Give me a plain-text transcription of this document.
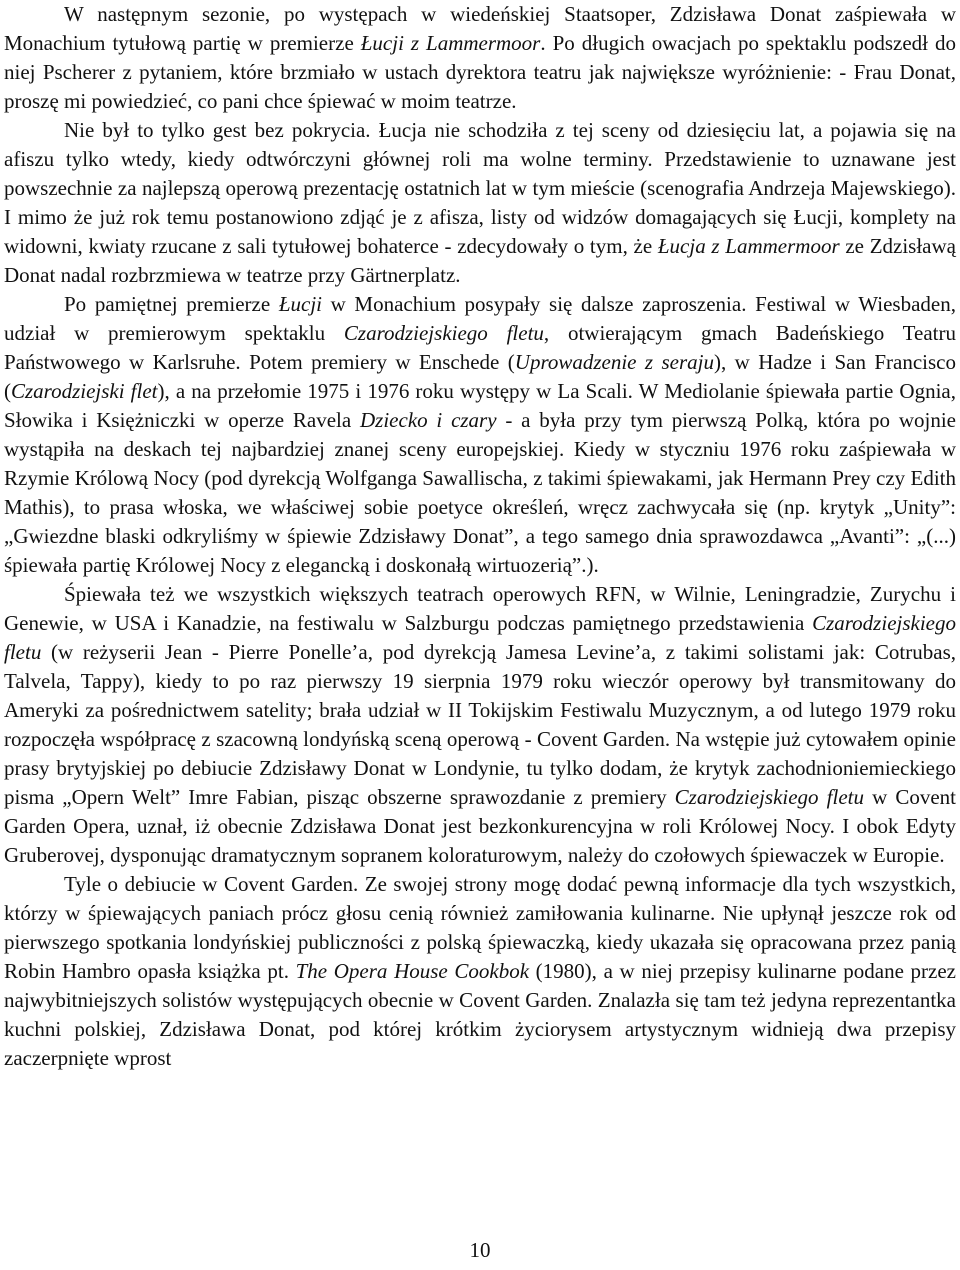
W następnym sezonie, po występach w wiedeńskiej Staatsoper, Zdzisława Donat zaśpiewała w Monachium tytułową partię w premierze Łucji z Lammermoor. Po długich owacjach po spektaklu podszedł do niej Pscherer z pytaniem, które brzmiało w ustach dyrektora teatru jak największe wyróżnienie: - Frau Donat, proszę mi powiedzieć, co pani chce śpiewać w moim teatrze.

Nie był to tylko gest bez pokrycia. Łucja nie schodziła z tej sceny od dziesięciu lat, a pojawia się na afiszu tylko wtedy, kiedy odtwórczyni głównej roli ma wolne terminy. Przedstawienie to uznawane jest powszechnie za najlepszą operową prezentację ostatnich lat w tym mieście (scenografia Andrzeja Majewskiego). I mimo że już rok temu postanowiono zdjąć je z afisza, listy od widzów domagających się Łucji, komplety na widowni, kwiaty rzucane z sali tytułowej bohaterce - zdecydowały o tym, że Łucja z Lammermoor ze Zdzisławą Donat nadal rozbrzmiewa w teatrze przy Gärtnerplatz.

Po pamiętnej premierze Łucji w Monachium posypały się dalsze zaproszenia. Festiwal w Wiesbaden, udział w premierowym spektaklu Czarodziejskiego fletu, otwierającym gmach Badeńskiego Teatru Państwowego w Karlsruhe. Potem premiery w Enschede (Uprowadzenie z seraju), w Hadze i San Francisco (Czarodziejski flet), a na przełomie 1975 i 1976 roku występy w La Scali. W Mediolanie śpiewała partie Ognia, Słowika i Księżniczki w operze Ravela Dziecko i czary - a była przy tym pierwszą Polką, która po wojnie wystąpiła na deskach tej najbardziej znanej sceny europejskiej. Kiedy w styczniu 1976 roku zaśpiewała w Rzymie Królową Nocy (pod dyrekcją Wolfganga Sawallischa, z takimi śpiewakami, jak Hermann Prey czy Edith Mathis), to prasa włoska, we właściwej sobie poetyce określeń, wręcz zachwycała się (np. krytyk „Unity”: „Gwiezdne blaski odkryliśmy w śpiewie Zdzisławy Donat”, a tego samego dnia sprawozdawca „Avanti”: „(...) śpiewała partię Królowej Nocy z elegancką i doskonałą wirtuozerią”.).

Śpiewała też we wszystkich większych teatrach operowych RFN, w Wilnie, Leningradzie, Zurychu i Genewie, w USA i Kanadzie, na festiwalu w Salzburgu podczas pamiętnego przedstawienia Czarodziejskiego fletu (w reżyserii Jean - Pierre Ponelle’a, pod dyrekcją Jamesa Levine’a, z takimi solistami jak: Cotrubas, Talvela, Tappy), kiedy to po raz pierwszy 19 sierpnia 1979 roku wieczór operowy był transmitowany do Ameryki za pośrednictwem satelity; brała udział w II Tokijskim Festiwalu Muzycznym, a od lutego 1979 roku rozpoczęła współpracę z szacowną londyńską sceną operową - Covent Garden. Na wstępie już cytowałem opinie prasy brytyjskiej po debiucie Zdzisławy Donat w Londynie, tu tylko dodam, że krytyk zachodnioniemieckiego pisma „Opern Welt” Imre Fabian, pisząc obszerne sprawozdanie z premiery Czarodziejskiego fletu w Covent Garden Opera, uznał, iż obecnie Zdzisława Donat jest bezkonkurencyjna w roli Królowej Nocy. I obok Edyty Gruberovej, dysponując dramatycznym sopranem koloraturowym, należy do czołowych śpiewaczek w Europie.

Tyle o debiucie w Covent Garden. Ze swojej strony mogę dodać pewną informacje dla tych wszystkich, którzy w śpiewających paniach prócz głosu cenią również zamiłowania kulinarne. Nie upłynął jeszcze rok od pierwszego spotkania londyńskiej publiczności z polską śpiewaczką, kiedy ukazała się opracowana przez panią Robin Hambro opasła książka pt. The Opera House Cookbok (1980), a w niej przepisy kulinarne podane przez najwybitniejszych solistów występujących obecnie w Covent Garden. Znalazła się tam też jedyna reprezentantka kuchni polskiej, Zdzisława Donat, pod której krótkim życiorysem artystycznym widnieją dwa przepisy zaczerpnięte wprost

10
